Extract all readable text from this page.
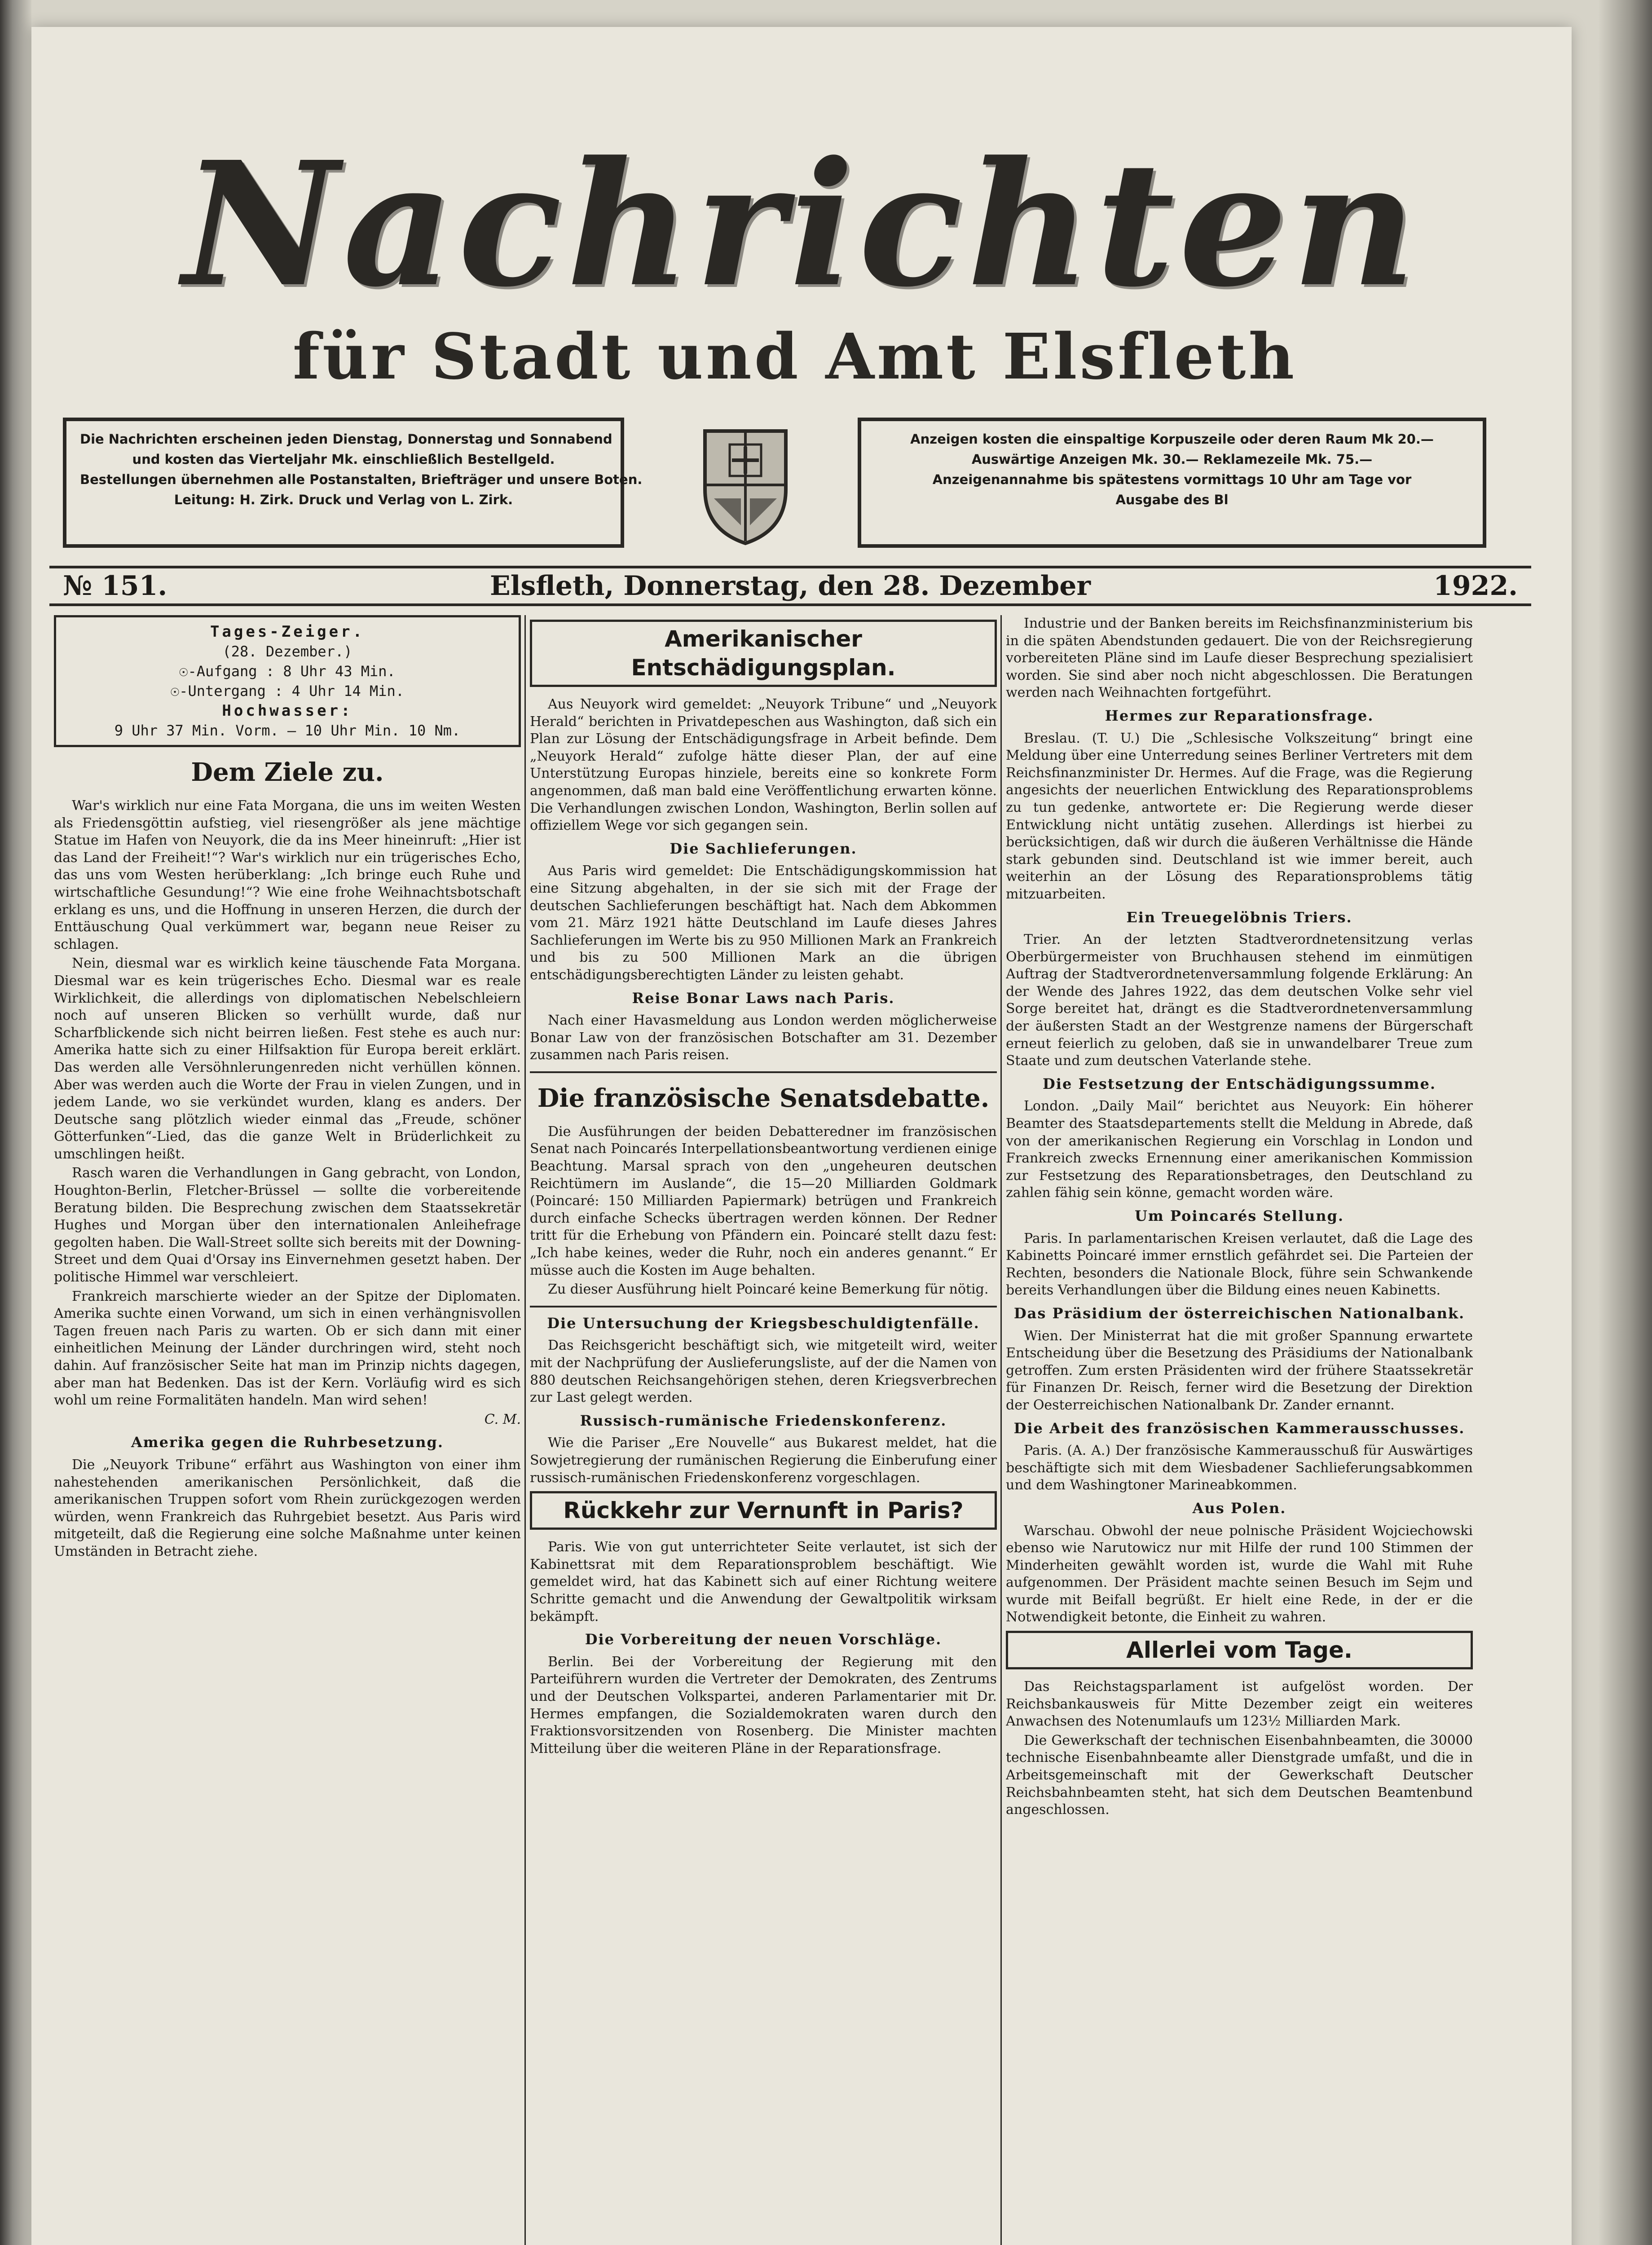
Nachrichten
für Stadt und Amt Elsfleth
Die Nachrichten erscheinen jeden Dienstag, Donnerstag und Sonnabend
und kosten das Vierteljahr Mk. einschließlich Bestellgeld.
Bestellungen übernehmen alle Postanstalten, Briefträger und unsere Boten.
Leitung: H. Zirk. Druck und Verlag von L. Zirk.
Anzeigen kosten die einspaltige Korpuszeile oder deren Raum Mk 20.—
Auswärtige Anzeigen Mk. 30.— Reklamezeile Mk. 75.—
Anzeigenannahme bis spätestens vormittags 10 Uhr am Tage vor
Ausgabe des Bl
№ 151.	Elsfleth, Donnerstag, den 28. Dezember	1922.
Tages-Zeiger.
(28. Dezember.)
☉-Aufgang : 8 Uhr 43 Min.
☉-Untergang : 4 Uhr 14 Min.
Hochwasser:
9 Uhr 37 Min. Vorm. — 10 Uhr Min. 10 Nm.
Dem Ziele zu.

War's wirklich nur eine Fata Morgana, die uns im weiten Westen als Friedensgöttin aufstieg, viel riesengrößer als jene mächtige Statue im Hafen von Neuyork, die da ins Meer hineinruft: „Hier ist das Land der Freiheit!“? War's wirklich nur ein trügerisches Echo, das uns vom Westen herüberklang: „Ich bringe euch Ruhe und wirtschaftliche Gesundung!“? Wie eine frohe Weihnachtsbotschaft erklang es uns, und die Hoffnung in unseren Herzen, die durch der Enttäuschung Qual verkümmert war, begann neue Reiser zu schlagen.

Nein, diesmal war es wirklich keine täuschende Fata Morgana. Diesmal war es kein trügerisches Echo. Diesmal war es reale Wirklichkeit, die allerdings von diplomatischen Nebelschleiern noch auf unseren Blicken so verhüllt wurde, daß nur Scharfblickende sich nicht beirren ließen. Fest stehe es auch nur: Amerika hatte sich zu einer Hilfsaktion für Europa bereit erklärt. Das werden alle Versöhnlerungenreden nicht verhüllen können. Aber was werden auch die Worte der Frau in vielen Zungen, und in jedem Lande, wo sie verkündet wurden, klang es anders. Der Deutsche sang plötzlich wieder einmal das „Freude, schöner Götterfunken“-Lied, das die ganze Welt in Brüderlichkeit zu umschlingen heißt.

Rasch waren die Verhandlungen in Gang gebracht, von London, Houghton-Berlin, Fletcher-Brüssel — sollte die vorbereitende Beratung bilden. Die Besprechung zwischen dem Staatssekretär Hughes und Morgan über den internationalen Anleihefrage gegolten haben. Die Wall-Street sollte sich bereits mit der Downing-Street und dem Quai d'Orsay ins Einvernehmen gesetzt haben. Der politische Himmel war verschleiert.

Frankreich marschierte wieder an der Spitze der Diplomaten. Amerika suchte einen Vorwand, um sich in einen verhängnisvollen Tagen freuen nach Paris zu warten. Ob er sich dann mit einer einheitlichen Meinung der Länder durchringen wird, steht noch dahin. Auf französischer Seite hat man im Prinzip nichts dagegen, aber man hat Bedenken. Das ist der Kern. Vorläufig wird es sich wohl um reine Formalitäten handeln. Man wird sehen!

C. M.

Amerika gegen die Ruhrbesetzung.

Die „Neuyork Tribune“ erfährt aus Washington von einer ihm nahestehenden amerikanischen Persönlichkeit, daß die amerikanischen Truppen sofort vom Rhein zurückgezogen werden würden, wenn Frankreich das Ruhrgebiet besetzt. Aus Paris wird mitgeteilt, daß die Regierung eine solche Maßnahme unter keinen Umständen in Betracht ziehe.

Amerikanischer Entschädigungsplan.

Aus Neuyork wird gemeldet: „Neuyork Tribune“ und „Neuyork Herald“ berichten in Privatdepeschen aus Washington, daß sich ein Plan zur Lösung der Entschädigungsfrage in Arbeit befinde. Dem „Neuyork Herald“ zufolge hätte dieser Plan, der auf eine Unterstützung Europas hinziele, bereits eine so konkrete Form angenommen, daß man bald eine Veröffentlichung erwarten könne. Die Verhandlungen zwischen London, Washington, Berlin sollen auf offiziellem Wege vor sich gegangen sein.

Die Sachlieferungen.

Aus Paris wird gemeldet: Die Entschädigungskommission hat eine Sitzung abgehalten, in der sie sich mit der Frage der deutschen Sachlieferungen beschäftigt hat. Nach dem Abkommen vom 21. März 1921 hätte Deutschland im Laufe dieses Jahres Sachlieferungen im Werte bis zu 950 Millionen Mark an Frankreich und bis zu 500 Millionen Mark an die übrigen entschädigungsberechtigten Länder zu leisten gehabt.

Reise Bonar Laws nach Paris.

Nach einer Havasmeldung aus London werden möglicherweise Bonar Law von der französischen Botschafter am 31. Dezember zusammen nach Paris reisen.

Die französische Senatsdebatte.

Die Ausführungen der beiden Debatteredner im französischen Senat nach Poincarés Interpellationsbeantwortung verdienen einige Beachtung. Marsal sprach von den „ungeheuren deutschen Reichtümern im Auslande“, die 15—20 Milliarden Goldmark (Poincaré: 150 Milliarden Papiermark) betrügen und Frankreich durch einfache Schecks übertragen werden können. Der Redner tritt für die Erhebung von Pfändern ein. Poincaré stellt dazu fest: „Ich habe keines, weder die Ruhr, noch ein anderes genannt.“ Er müsse auch die Kosten im Auge behalten.

Zu dieser Ausführung hielt Poincaré keine Bemerkung für nötig.

Die Untersuchung der Kriegsbeschuldigtenfälle.

Das Reichsgericht beschäftigt sich, wie mitgeteilt wird, weiter mit der Nachprüfung der Auslieferungsliste, auf der die Namen von 880 deutschen Reichsangehörigen stehen, deren Kriegsverbrechen zur Last gelegt werden.

Russisch-rumänische Friedenskonferenz.

Wie die Pariser „Ere Nouvelle“ aus Bukarest meldet, hat die Sowjetregierung der rumänischen Regierung die Einberufung einer russisch-rumänischen Friedenskonferenz vorgeschlagen.

Rückkehr zur Vernunft in Paris?

Paris. Wie von gut unterrichteter Seite verlautet, ist sich der Kabinettsrat mit dem Reparationsproblem beschäftigt. Wie gemeldet wird, hat das Kabinett sich auf einer Richtung weitere Schritte gemacht und die Anwendung der Gewaltpolitik wirksam bekämpft.

Die Vorbereitung der neuen Vorschläge.

Berlin. Bei der Vorbereitung der Regierung mit den Parteiführern wurden die Vertreter der Demokraten, des Zentrums und der Deutschen Volkspartei, anderen Parlamentarier mit Dr. Hermes empfangen, die Sozialdemokraten waren durch den Fraktionsvorsitzenden von Rosenberg. Die Minister machten Mitteilung über die weiteren Pläne in der Reparationsfrage.

Industrie und der Banken bereits im Reichsfinanzministerium bis in die späten Abendstunden gedauert. Die von der Reichsregierung vorbereiteten Pläne sind im Laufe dieser Besprechung spezialisiert worden. Sie sind aber noch nicht abgeschlossen. Die Beratungen werden nach Weihnachten fortgeführt.

Hermes zur Reparationsfrage.

Breslau. (T. U.) Die „Schlesische Volkszeitung“ bringt eine Meldung über eine Unterredung seines Berliner Vertreters mit dem Reichsfinanzminister Dr. Hermes. Auf die Frage, was die Regierung angesichts der neuerlichen Entwicklung des Reparationsproblems zu tun gedenke, antwortete er: Die Regierung werde dieser Entwicklung nicht untätig zusehen. Allerdings ist hierbei zu berücksichtigen, daß wir durch die äußeren Verhältnisse die Hände stark gebunden sind. Deutschland ist wie immer bereit, auch weiterhin an der Lösung des Reparationsproblems tätig mitzuarbeiten.

Ein Treuegelöbnis Triers.

Trier. An der letzten Stadtverordnetensitzung verlas Oberbürgermeister von Bruchhausen stehend im einmütigen Auftrag der Stadtverordnetenversammlung folgende Erklärung: An der Wende des Jahres 1922, das dem deutschen Volke sehr viel Sorge bereitet hat, drängt es die Stadtverordnetenversammlung der äußersten Stadt an der Westgrenze namens der Bürgerschaft erneut feierlich zu geloben, daß sie in unwandelbarer Treue zum Staate und zum deutschen Vaterlande stehe.

Die Festsetzung der Entschädigungssumme.

London. „Daily Mail“ berichtet aus Neuyork: Ein höherer Beamter des Staatsdepartements stellt die Meldung in Abrede, daß von der amerikanischen Regierung ein Vorschlag in London und Frankreich zwecks Ernennung einer amerikanischen Kommission zur Festsetzung des Reparationsbetrages, den Deutschland zu zahlen fähig sein könne, gemacht worden wäre.

Um Poincarés Stellung.

Paris. In parlamentarischen Kreisen verlautet, daß die Lage des Kabinetts Poincaré immer ernstlich gefährdet sei. Die Parteien der Rechten, besonders die Nationale Block, führe sein Schwankende bereits Verhandlungen über die Bildung eines neuen Kabinetts.

Das Präsidium der österreichischen Nationalbank.

Wien. Der Ministerrat hat die mit großer Spannung erwartete Entscheidung über die Besetzung des Präsidiums der Nationalbank getroffen. Zum ersten Präsidenten wird der frühere Staatssekretär für Finanzen Dr. Reisch, ferner wird die Besetzung der Direktion der Oesterreichischen Nationalbank Dr. Zander ernannt.

Die Arbeit des französischen Kammerausschusses.

Paris. (A. A.) Der französische Kammerausschuß für Auswärtiges beschäftigte sich mit dem Wiesbadener Sachlieferungsabkommen und dem Washingtoner Marineabkommen.

Aus Polen.

Warschau. Obwohl der neue polnische Präsident Wojciechowski ebenso wie Narutowicz nur mit Hilfe der rund 100 Stimmen der Minderheiten gewählt worden ist, wurde die Wahl mit Ruhe aufgenommen. Der Präsident machte seinen Besuch im Sejm und wurde mit Beifall begrüßt. Er hielt eine Rede, in der er die Notwendigkeit betonte, die Einheit zu wahren.

Allerlei vom Tage.

Das Reichstagsparlament ist aufgelöst worden. Der Reichsbankausweis für Mitte Dezember zeigt ein weiteres Anwachsen des Notenumlaufs um 123½ Milliarden Mark.

Die Gewerkschaft der technischen Eisenbahnbeamten, die 30000 technische Eisenbahnbeamte aller Dienstgrade umfaßt, und die in Arbeitsgemeinschaft mit der Gewerkschaft Deutscher Reichsbahnbeamten steht, hat sich dem Deutschen Beamtenbund angeschlossen.
